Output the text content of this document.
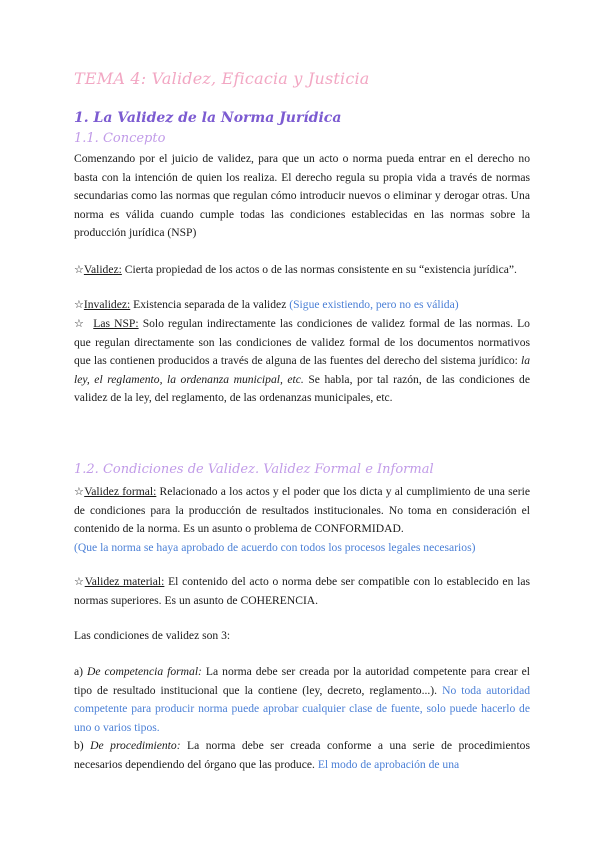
TEMA 4: Validez, Eficacia y Justicia
1. La Validez de la Norma Jurídica
1.1. Concepto
Comenzando por el juicio de validez, para que un acto o norma pueda entrar en el derecho no basta con la intención de quien los realiza. El derecho regula su propia vida a través de normas secundarias como las normas que regulan cómo introducir nuevos o eliminar y derogar otras. Una norma es válida cuando cumple todas las condiciones establecidas en las normas sobre la producción jurídica (NSP)
☆Validez: Cierta propiedad de los actos o de las normas consistente en su “existencia jurídica”.
☆Invalidez: Existencia separada de la validez (Sigue existiendo, pero no es válida)
☆ Las NSP: Solo regulan indirectamente las condiciones de validez formal de las normas. Lo que regulan directamente son las condiciones de validez formal de los documentos normativos que las contienen producidos a través de alguna de las fuentes del derecho del sistema jurídico: la ley, el reglamento, la ordenanza municipal, etc. Se habla, por tal razón, de las condiciones de validez de la ley, del reglamento, de las ordenanzas municipales, etc.
1.2. Condiciones de Validez. Validez Formal e Informal
☆Validez formal: Relacionado a los actos y el poder que los dicta y al cumplimiento de una serie de condiciones para la producción de resultados institucionales. No toma en consideración el contenido de la norma. Es un asunto o problema de CONFORMIDAD.
(Que la norma se haya aprobado de acuerdo con todos los procesos legales necesarios)
☆Validez material: El contenido del acto o norma debe ser compatible con lo establecido en las normas superiores. Es un asunto de COHERENCIA.
Las condiciones de validez son 3:
a) De competencia formal: La norma debe ser creada por la autoridad competente para crear el tipo de resultado institucional que la contiene (ley, decreto, reglamento...). No toda autoridad competente para producir norma puede aprobar cualquier clase de fuente, solo puede hacerlo de uno o varios tipos.
b) De procedimiento: La norma debe ser creada conforme a una serie de procedimientos necesarios dependiendo del órgano que las produce. El modo de aprobación de una
